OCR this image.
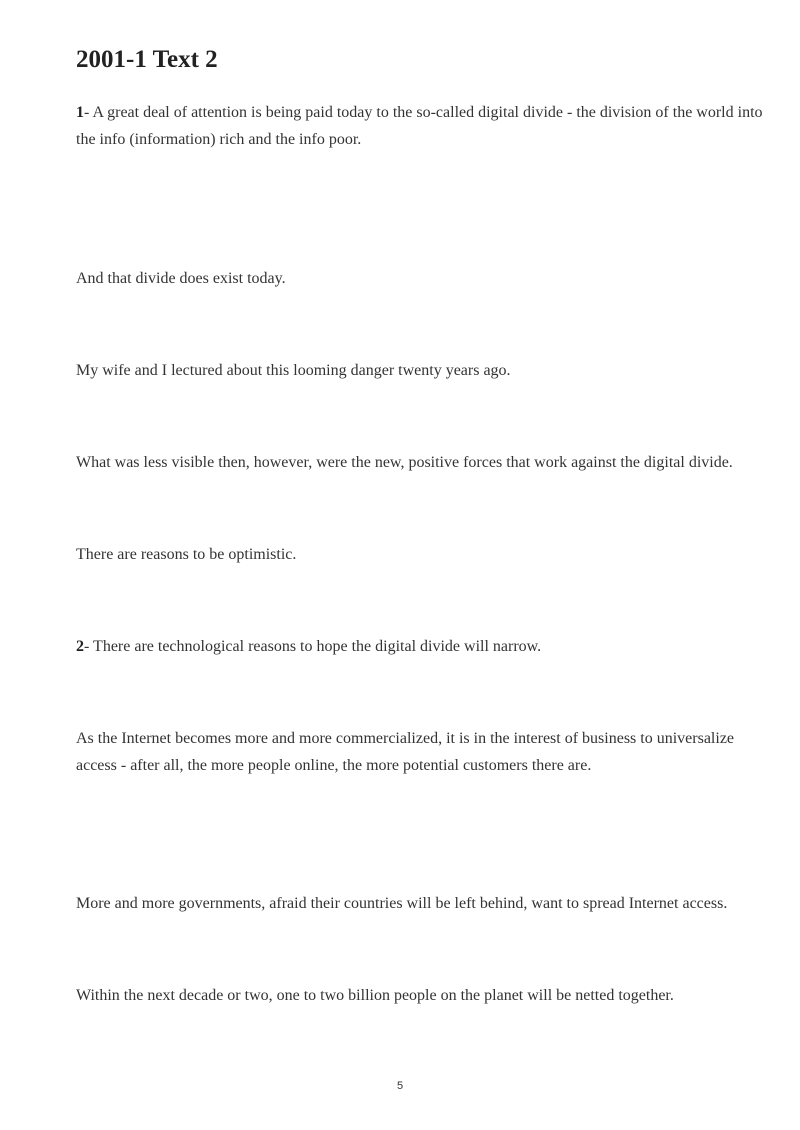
2001-1 Text 2

1- A great deal of attention is being paid today to the so-called digital divide - the division of the world into the info (information) rich and the info poor.

And that divide does exist today.

My wife and I lectured about this looming danger twenty years ago.

What was less visible then, however, were the new, positive forces that work against the digital divide.

There are reasons to be optimistic.

2- There are technological reasons to hope the digital divide will narrow.

As the Internet becomes more and more commercialized, it is in the interest of business to universalize access - after all, the more people online, the more potential customers there are.

More and more governments, afraid their countries will be left behind, want to spread Internet access.

Within the next decade or two, one to two billion people on the planet will be netted together.

5
